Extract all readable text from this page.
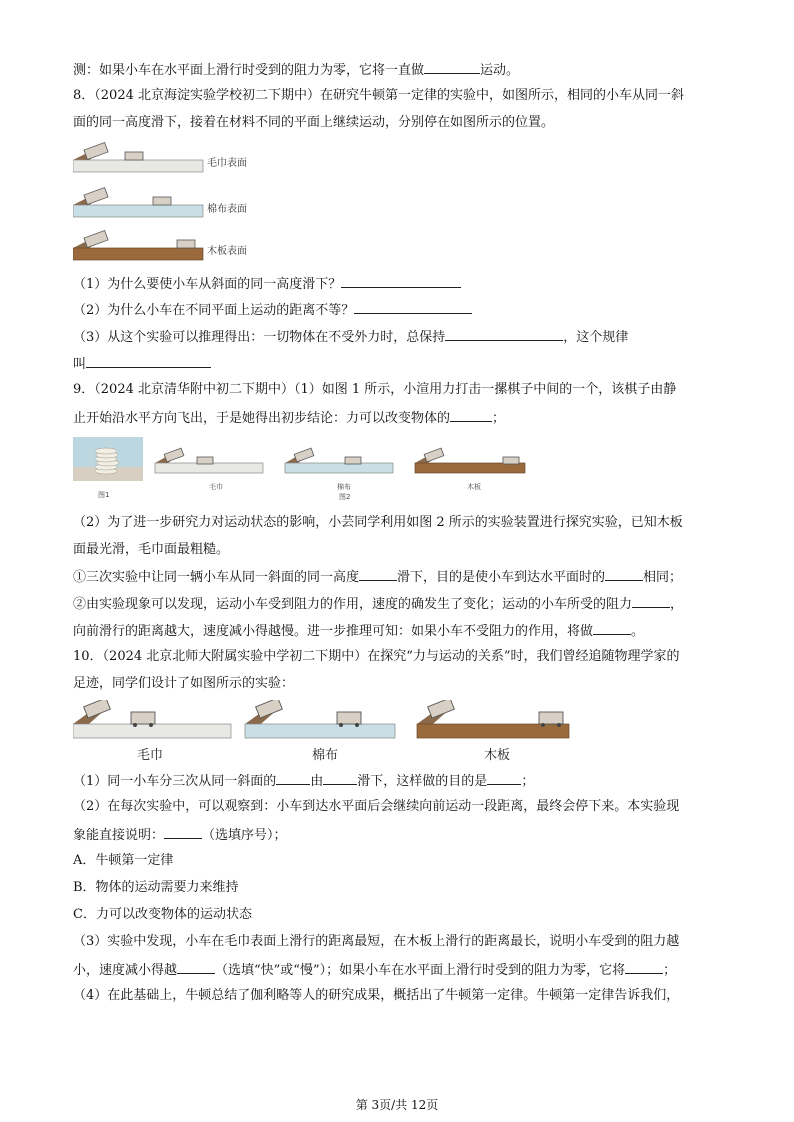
测：如果小车在水平面上滑行时受到的阻力为零，它将一直做	运动。
8．（2024 北京海淀实验学校初二下期中）在研究牛顿第一定律的实验中，如图所示，相同的小车从同一斜
面的同一高度滑下，接着在材料不同的平面上继续运动，分别停在如图所示的位置。
毛巾表面
棉布表面
木板表面
（1）为什么要使小车从斜面的同一高度滑下？
（2）为什么小车在不同平面上运动的距离不等？
（3）从这个实验可以推理得出：一切物体在不受外力时，总保持	，这个规律
叫
9．（2024 北京清华附中初二下期中）（1）如图 1 所示，小渲用力打击一摞棋子中间的一个，该棋子由静
止开始沿水平方向飞出，于是她得出初步结论：力可以改变物体的	；
图1
毛巾	棉布
图2
木板
（2）为了进一步研究力对运动状态的影响，小芸同学利用如图 2 所示的实验装置进行探究实验，已知木板
面最光滑，毛巾面最粗糙。
①三次实验中让同一辆小车从同一斜面的同一高度	滑下，目的是使小车到达水平面时的	相同；
②由实验现象可以发现，运动小车受到阻力的作用，速度的确发生了变化；运动的小车所受的阻力	，
向前滑行的距离越大，速度减小得越慢。进一步推理可知：如果小车不受阻力的作用，将做	。
10．（2024 北京北师大附属实验中学初二下期中）在探究“力与运动的关系”时，我们曾经追随物理学家的
足迹，同学们设计了如图所示的实验：
毛巾	棉布	木板
（1）同一小车分三次从同一斜面的	由	滑下，这样做的目的是	；
（2）在每次实验中，可以观察到：小车到达水平面后会继续向前运动一段距离，最终会停下来。本实验现
象能直接说明：	（选填序号）；
A．牛顿第一定律
B．物体的运动需要力来维持
C．力可以改变物体的运动状态
（3）实验中发现，小车在毛巾表面上滑行的距离最短，在木板上滑行的距离最长，说明小车受到的阻力越
小，速度减小得越	（选填“快”或“慢”）；如果小车在水平面上滑行时受到的阻力为零，它将	；
（4）在此基础上，牛顿总结了伽利略等人的研究成果，概括出了牛顿第一定律。牛顿第一定律告诉我们，
第 3页/共 12页
